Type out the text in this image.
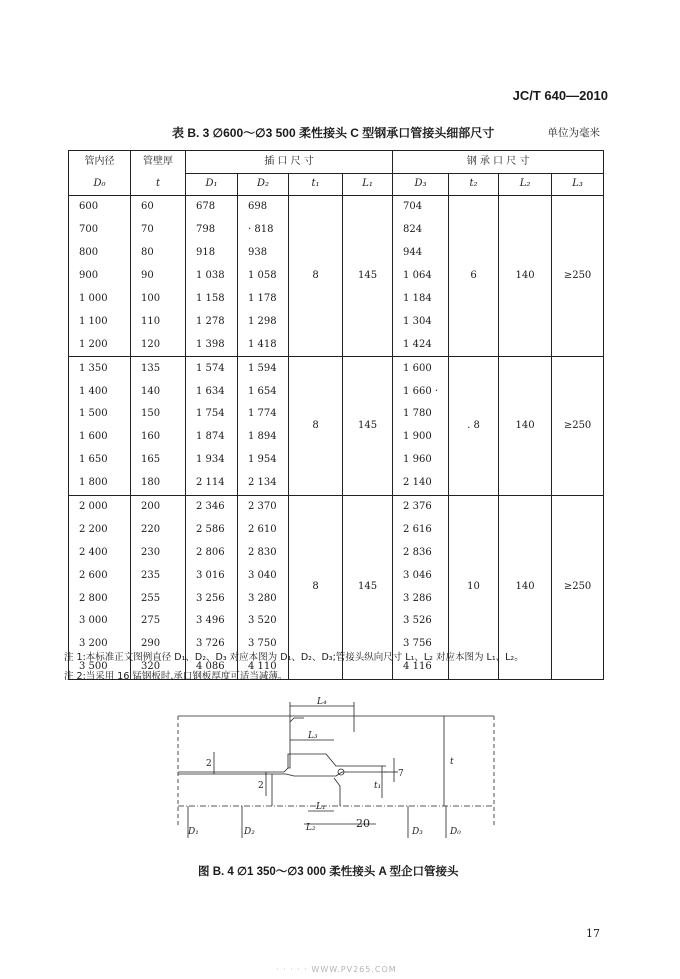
JC/T 640—2010
表 B. 3 ∅600～∅3 500 柔性接头 C 型钢承口管接头细部尺寸	单位为毫米
管内径	管壁厚	插 口 尺 寸				钢 承 口 尺 寸			
D₀	t	D₁	D₂	t₁	L₁	D₃	t₂	L₂	L₃
600	60	678	698	8	145	704	6	140	≥250
700	70	798	· 818			824			
800	80	918	938			944			
900	90	1 038	1 058			1 064			
1 000	100	1 158	1 178			1 184			
1 100	110	1 278	1 298			1 304			
1 200	120	1 398	1 418			1 424			
1 350	135	1 574	1 594	8	145	1 600	. 8	140	≥250
1 400	140	1 634	1 654			1 660 ·			
1 500	150	1 754	1 774			1 780			
1 600	160	1 874	1 894			1 900			
1 650	165	1 934	1 954			1 960			
1 800	180	2 114	2 134			2 140			
2 000	200	2 346	2 370	8	145	2 376	10	140	≥250
2 200	220	2 586	2 610			2 616			
2 400	230	2 806	2 830			2 836			
2 600	235	3 016	3 040			3 046			
2 800	255	3 256	3 280			3 286			
3 000	275	3 496	3 520			3 526			
3 200	290	3 726	3 750			3 756			
3 500	320	4 086	4 110			4 116			
注 1:本标准正文图例直径 D₁、D₂、D₃ 对应本图为 D₁、D₂、D₃;管接头纵向尺寸 L₁、L₂ 对应本图为 L₁、L₂。
注 2:当采用 16 锰钢板时,承口钢板厚度可适当减薄。
L₄
L₃
L₁
L₂
t
t₁
D₁	D₂	D₃	D₀
2
2
7
20
图 B. 4 ∅1 350～∅3 000 柔性接头 A 型企口管接头
17
· · · · · WWW.PV265.COM
